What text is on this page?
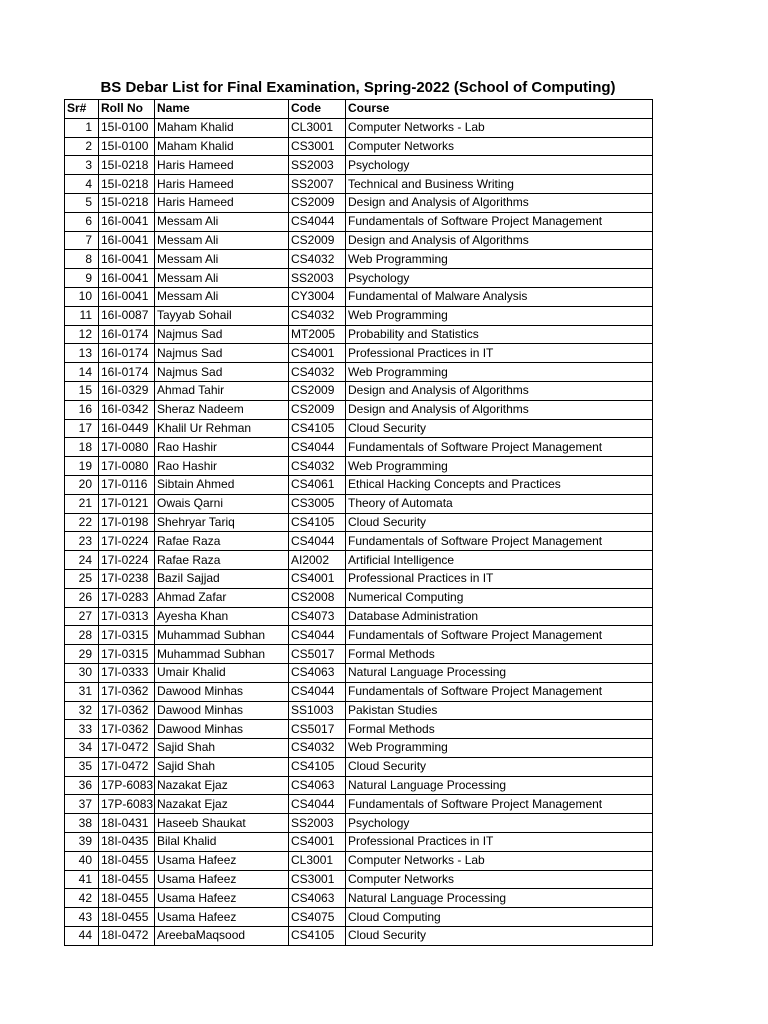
BS Debar List for Final Examination, Spring-2022 (School of Computing)
Sr#	Roll No	Name	Code	Course
1	15I-0100	Maham Khalid	CL3001	Computer Networks - Lab
2	15I-0100	Maham Khalid	CS3001	Computer Networks
3	15I-0218	Haris Hameed	SS2003	Psychology
4	15I-0218	Haris Hameed	SS2007	Technical and Business Writing
5	15I-0218	Haris Hameed	CS2009	Design and Analysis of Algorithms
6	16I-0041	Messam Ali	CS4044	Fundamentals of Software Project Management
7	16I-0041	Messam Ali	CS2009	Design and Analysis of Algorithms
8	16I-0041	Messam Ali	CS4032	Web Programming
9	16I-0041	Messam Ali	SS2003	Psychology
10	16I-0041	Messam Ali	CY3004	Fundamental of Malware Analysis
11	16I-0087	Tayyab Sohail	CS4032	Web Programming
12	16I-0174	Najmus Sad	MT2005	Probability and Statistics
13	16I-0174	Najmus Sad	CS4001	Professional Practices in IT
14	16I-0174	Najmus Sad	CS4032	Web Programming
15	16I-0329	Ahmad Tahir	CS2009	Design and Analysis of Algorithms
16	16I-0342	Sheraz Nadeem	CS2009	Design and Analysis of Algorithms
17	16I-0449	Khalil Ur Rehman	CS4105	Cloud Security
18	17I-0080	Rao Hashir	CS4044	Fundamentals of Software Project Management
19	17I-0080	Rao Hashir	CS4032	Web Programming
20	17I-0116	Sibtain Ahmed	CS4061	Ethical Hacking Concepts and Practices
21	17I-0121	Owais Qarni	CS3005	Theory of Automata
22	17I-0198	Shehryar Tariq	CS4105	Cloud Security
23	17I-0224	Rafae Raza	CS4044	Fundamentals of Software Project Management
24	17I-0224	Rafae Raza	AI2002	Artificial Intelligence
25	17I-0238	Bazil Sajjad	CS4001	Professional Practices in IT
26	17I-0283	Ahmad Zafar	CS2008	Numerical Computing
27	17I-0313	Ayesha Khan	CS4073	Database Administration
28	17I-0315	Muhammad Subhan	CS4044	Fundamentals of Software Project Management
29	17I-0315	Muhammad Subhan	CS5017	Formal Methods
30	17I-0333	Umair Khalid	CS4063	Natural Language Processing
31	17I-0362	Dawood Minhas	CS4044	Fundamentals of Software Project Management
32	17I-0362	Dawood Minhas	SS1003	Pakistan Studies
33	17I-0362	Dawood Minhas	CS5017	Formal Methods
34	17I-0472	Sajid Shah	CS4032	Web Programming
35	17I-0472	Sajid Shah	CS4105	Cloud Security
36	17P-6083	Nazakat Ejaz	CS4063	Natural Language Processing
37	17P-6083	Nazakat Ejaz	CS4044	Fundamentals of Software Project Management
38	18I-0431	Haseeb Shaukat	SS2003	Psychology
39	18I-0435	Bilal Khalid	CS4001	Professional Practices in IT
40	18I-0455	Usama Hafeez	CL3001	Computer Networks - Lab
41	18I-0455	Usama Hafeez	CS3001	Computer Networks
42	18I-0455	Usama Hafeez	CS4063	Natural Language Processing
43	18I-0455	Usama Hafeez	CS4075	Cloud Computing
44	18I-0472	AreebaMaqsood	CS4105	Cloud Security
